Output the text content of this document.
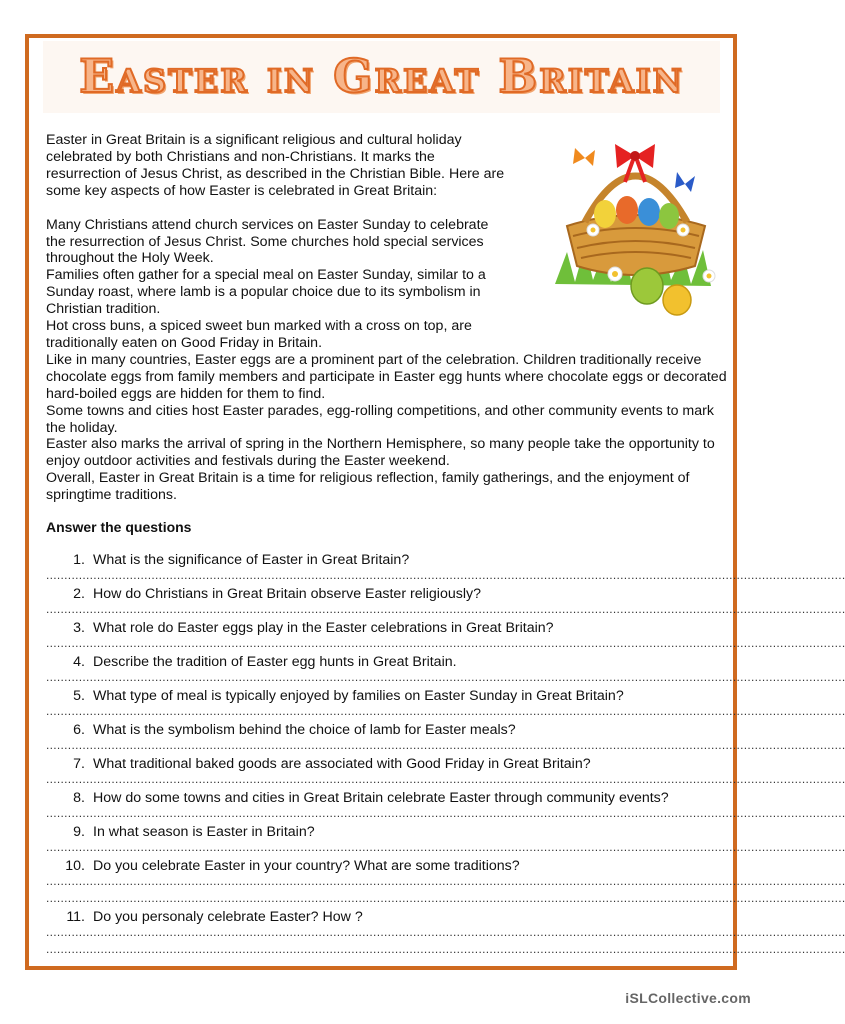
Easter in Great Britain

Easter in Great Britain is a significant religious and cultural holiday celebrated by both Christians and non-Christians. It marks the resurrection of Jesus Christ, as described in the Christian Bible. Here are some key aspects of how Easter is celebrated in Great Britain:

Many Christians attend church services on Easter Sunday to celebrate the resurrection of Jesus Christ. Some churches hold special services throughout the Holy Week.

Families often gather for a special meal on Easter Sunday, similar to a Sunday roast, where lamb is a popular choice due to its symbolism in Christian tradition.

Hot cross buns, a spiced sweet bun marked with a cross on top, are traditionally eaten on Good Friday in Britain.

Like in many countries, Easter eggs are a prominent part of the celebration. Children traditionally receive chocolate eggs from family members and participate in Easter egg hunts where chocolate eggs or decorated hard-boiled eggs are hidden for them to find.

Some towns and cities host Easter parades, egg-rolling competitions, and other community events to mark the holiday.

Easter also marks the arrival of spring in the Northern Hemisphere, so many people take the opportunity to enjoy outdoor activities and festivals during the Easter weekend.

Overall, Easter in Great Britain is a time for religious reflection, family gatherings, and the enjoyment of springtime traditions.

Answer the questions
1. What is the significance of Easter in Great Britain?
............................................................................................................................................................................................................................
2. How do Christians in Great Britain observe Easter religiously?
............................................................................................................................................................................................................................
3. What role do Easter eggs play in the Easter celebrations in Great Britain?
............................................................................................................................................................................................................................
4. Describe the tradition of Easter egg hunts in Great Britain.
............................................................................................................................................................................................................................
5. What type of meal is typically enjoyed by families on Easter Sunday in Great Britain?
............................................................................................................................................................................................................................
6. What is the symbolism behind the choice of lamb for Easter meals?
............................................................................................................................................................................................................................
7. What traditional baked goods are associated with Good Friday in Great Britain?
............................................................................................................................................................................................................................
8. How do some towns and cities in Great Britain celebrate Easter through community events?
............................................................................................................................................................................................................................
9. In what season is Easter in Britain?
............................................................................................................................................................................................................................
10. Do you celebrate Easter in your country? What are some traditions?
............................................................................................................................................................................................................................
............................................................................................................................................................................................................................
11. Do you personaly celebrate Easter? How ?
............................................................................................................................................................................................................................
............................................................................................................................................................................................................................
iSLCollective.com
